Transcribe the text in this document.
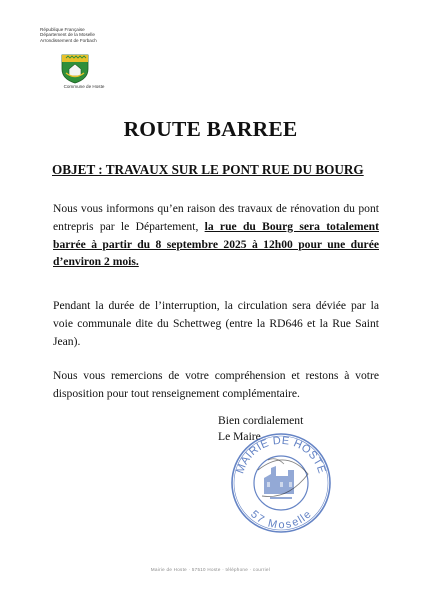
République Française
Département de la Moselle
Arrondissement de Forbach
Commune de Hoste
ROUTE BARREE
OBJET : TRAVAUX SUR LE PONT RUE DU BOURG
Nous vous informons qu’en raison des travaux de rénovation du pont entrepris par le Département, la rue du Bourg sera totalement barrée à partir du 8 septembre 2025 à 12h00 pour une durée d’environ 2 mois.
Pendant la durée de l’interruption, la circulation sera déviée par la voie communale dite du Schettweg (entre la RD646 et la Rue Saint Jean).
Nous vous remercions de votre compréhension et restons à votre disposition pour tout renseignement complémentaire.
Bien cordialement
Le Maire
MAIRIE DE HOSTE
57 Moselle
Mairie de Hoste · 57510 Hoste · téléphone · courriel
